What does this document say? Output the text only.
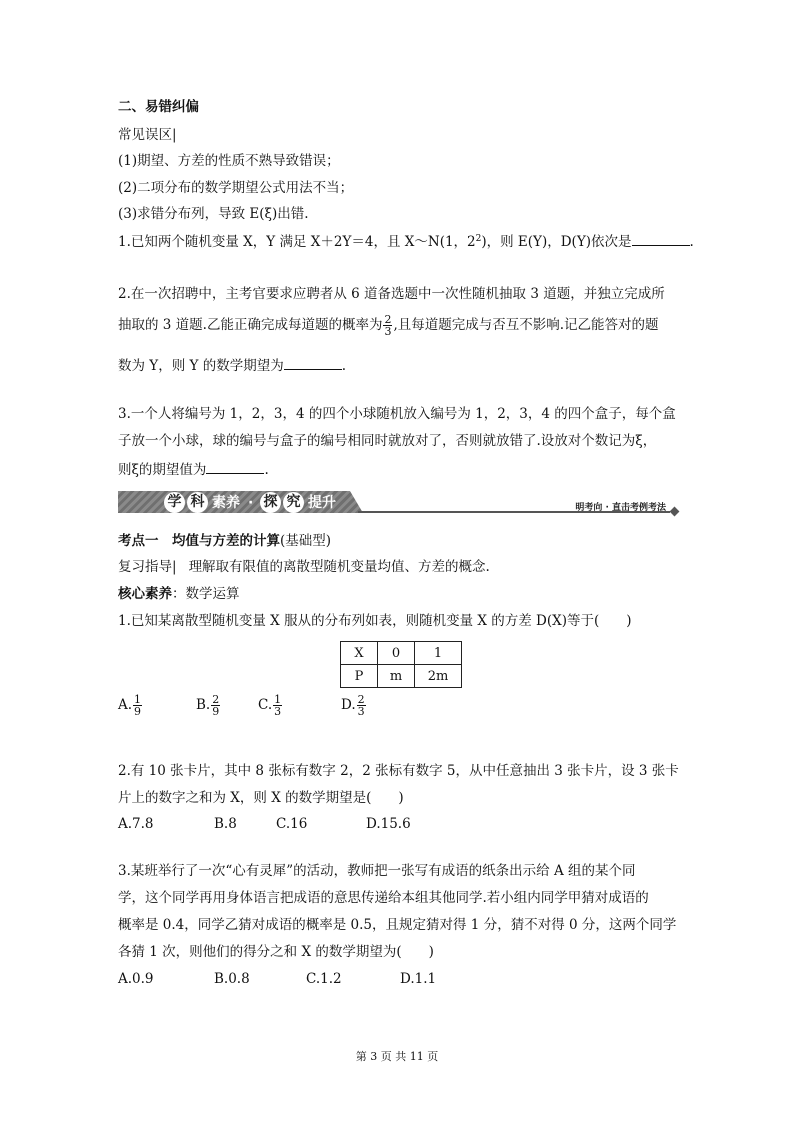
二、易错纠偏
常见误区|
(1)期望、方差的性质不熟导致错误；
(2)二项分布的数学期望公式用法不当；
(3)求错分布列，导致 E(ξ)出错.
1.已知两个随机变量 X，Y 满足 X＋2Y＝4，且 X～N(1，$2^2$)，则 E(Y)，D(Y)依次是	.
2.在一次招聘中，主考官要求应聘者从 6 道备选题中一次性随机抽取 3 道题，并独立完成所
抽取的 3 道题.乙能正确完成每道题的概率为 $\frac{2}{3}$ ,且每道题完成与否互不影响.记乙能答对的题
数为 Y，则 Y 的数学期望为	.
3.一个人将编号为 1，2，3，4 的四个小球随机放入编号为 1，2，3，4 的四个盒子，每个盒
子放一个小球，球的编号与盒子的编号相同时就放对了，否则就放错了.设放对个数记为ξ，
则ξ的期望值为	.
学 科 素养 · 探 究 提升	明考向 · 直击考例考法
考点一　均值与方差的计算(基础型)
复习指导| 理解取有限值的离散型随机变量均值、方差的概念.
核心素养：数学运算
1.已知某离散型随机变量 X 服从的分布列如表，则随机变量 X 的方差 D(X)等于(　　)
X	0	1
P	m	2m
A. $\frac{1}{9}$	B. $\frac{2}{9}$	C. $\frac{1}{3}$	D. $\frac{2}{3}$
2.有 10 张卡片，其中 8 张标有数字 2，2 张标有数字 5，从中任意抽出 3 张卡片，设 3 张卡
片上的数字之和为 X，则 X 的数学期望是(　　)
A.7.8	B.8	C.16	D.15.6
3.某班举行了一次“心有灵犀”的活动，教师把一张写有成语的纸条出示给 A 组的某个同
学，这个同学再用身体语言把成语的意思传递给本组其他同学.若小组内同学甲猜对成语的
概率是 0.4，同学乙猜对成语的概率是 0.5，且规定猜对得 1 分，猜不对得 0 分，这两个同学
各猜 1 次，则他们的得分之和 X 的数学期望为(　　)
A.0.9	B.0.8	C.1.2	D.1.1
第 3 页 共 11 页
